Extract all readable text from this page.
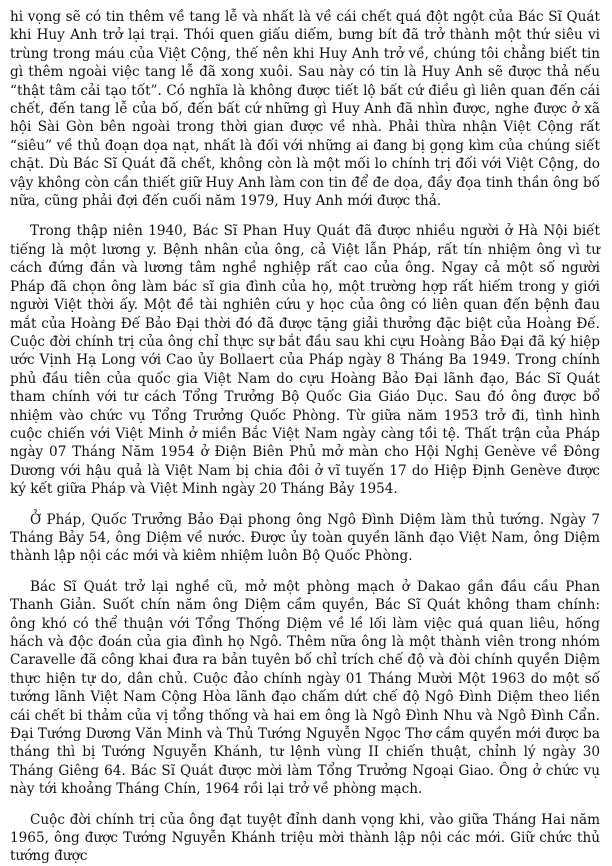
hi vọng sẽ có tin thêm về tang lễ và nhất là về cái chết quá đột ngột của Bác Sĩ Quát khi Huy Anh trở lại trại. Thói quen giấu diếm, bưng bít đã trở thành một thứ siêu vi trùng trong máu của Việt Cộng, thế nên khi Huy Anh trở về, chúng tôi chẳng biết tin gì thêm ngoài việc tang lễ đã xong xuôi. Sau này có tin là Huy Anh sẽ được thả nếu “thật tâm cải tạo tốt”. Có nghĩa là không được tiết lộ bất cứ điều gì liên quan đến cái chết, đến tang lễ của bố, đến bất cứ những gì Huy Anh đã nhìn được, nghe được ở xã hội Sài Gòn bên ngoài trong thời gian được về nhà. Phải thừa nhận Việt Cộng rất “siêu” về thủ đoạn dọa nạt, nhất là đối với những ai đang bị gọng kìm của chúng siết chặt. Dù Bác Sĩ Quát đã chết, không còn là một mối lo chính trị đối với Việt Cộng, do vậy không còn cần thiết giữ Huy Anh làm con tin để đe dọa, đầy đọa tinh thần ông bố nữa, cũng phải đợi đến cuối năm 1979, Huy Anh mới được thả.

Trong thập niên 1940, Bác Sĩ Phan Huy Quát đã được nhiều người ở Hà Nội biết tiếng là một lương y. Bệnh nhân của ông, cả Việt lẫn Pháp, rất tín nhiệm ông vì tư cách đứng đắn và lương tâm nghề nghiệp rất cao của ông. Ngay cả một số người Pháp đã chọn ông làm bác sĩ gia đình của họ, một trường hợp rất hiếm trong y giới người Việt thời ấy. Một đề tài nghiên cứu y học của ông có liên quan đến bệnh đau mắt của Hoàng Đế Bảo Đại thời đó đã được tặng giải thưởng đặc biệt của Hoàng Đế. Cuộc đời chính trị của ông chỉ thực sự bắt đầu sau khi cựu Hoàng Bảo Đại đã ký hiệp ước Vịnh Hạ Long với Cao ủy Bollaert của Pháp ngày 8 Tháng Ba 1949. Trong chính phủ đầu tiên của quốc gia Việt Nam do cựu Hoàng Bảo Đại lãnh đạo, Bác Sĩ Quát tham chính với tư cách Tổng Trưởng Bộ Quốc Gia Giáo Dục. Sau đó ông được bổ nhiệm vào chức vụ Tổng Trưởng Quốc Phòng. Từ giữa năm 1953 trở đi, tình hình cuộc chiến với Việt Minh ở miền Bắc Việt Nam ngày càng tồi tệ. Thất trận của Pháp ngày 07 Tháng Năm 1954 ở Điện Biên Phủ mở màn cho Hội Nghị Genève về Đông Dương với hậu quả là Việt Nam bị chia đôi ở vĩ tuyến 17 do Hiệp Định Genève được ký kết giữa Pháp và Việt Minh ngày 20 Tháng Bảy 1954.

Ở Pháp, Quốc Trưởng Bảo Đại phong ông Ngô Đình Diệm làm thủ tướng. Ngày 7 Tháng Bảy 54, ông Diệm về nước. Được ủy toàn quyền lãnh đạo Việt Nam, ông Diệm thành lập nội các mới và kiêm nhiệm luôn Bộ Quốc Phòng.

Bác Sĩ Quát trở lại nghề cũ, mở một phòng mạch ở Dakao gần đầu cầu Phan Thanh Giản. Suốt chín năm ông Diệm cầm quyền, Bác Sĩ Quát không tham chính: ông khó có thể thuận với Tổng Thống Diệm về lề lối làm việc quá quan liêu, hống hách và độc đoán của gia đình họ Ngô. Thêm nữa ông là một thành viên trong nhóm Caravelle đã công khai đưa ra bản tuyên bố chỉ trích chế độ và đòi chính quyền Diệm thực hiện tự do, dân chủ. Cuộc đảo chính ngày 01 Tháng Mười Một 1963 do một số tướng lãnh Việt Nam Cộng Hòa lãnh đạo chấm dứt chế độ Ngô Đình Diệm theo liền cái chết bi thảm của vị tổng thống và hai em ông là Ngô Đình Nhu và Ngô Đình Cẩn. Đại Tướng Dương Văn Minh và Thủ Tướng Nguyễn Ngọc Thơ cầm quyền mới được ba tháng thì bị Tướng Nguyễn Khánh, tư lệnh vùng II chiến thuật, chỉnh lý ngày 30 Tháng Giêng 64. Bác Sĩ Quát được mời làm Tổng Trưởng Ngoại Giao. Ông ở chức vụ này tới khoảng Tháng Chín, 1964 rồi lại trở về phòng mạch.

Cuộc đời chính trị của ông đạt tuyệt đỉnh danh vọng khi, vào giữa Tháng Hai năm 1965, ông được Tướng Nguyễn Khánh triệu mời thành lập nội các mới. Giữ chức thủ tướng được
